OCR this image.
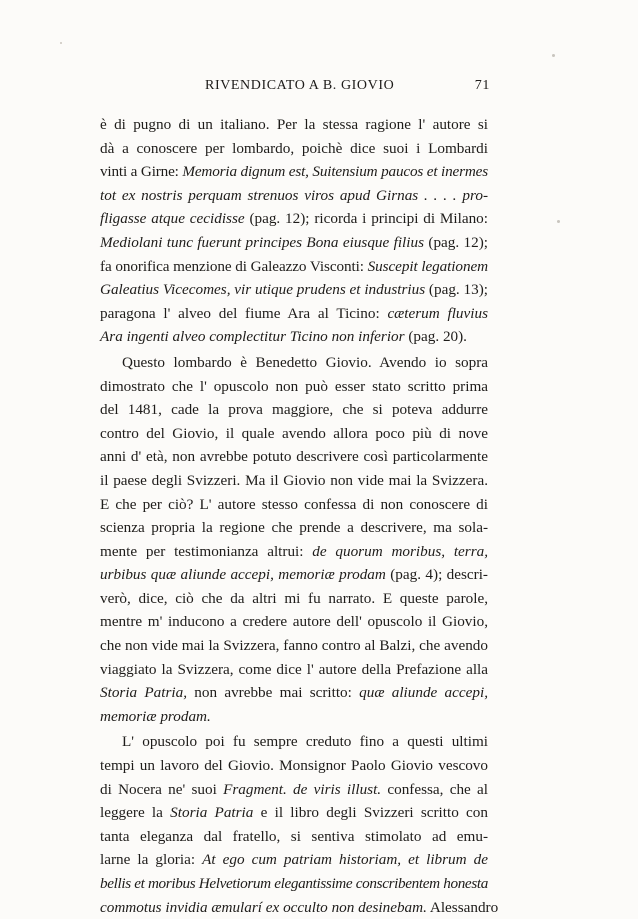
RIVENDICATO A B. GIOVIO	71
è di pugno di un italiano. Per la stessa ragione l' autore si
dà a conoscere per lombardo, poichè dice suoi i Lombardi
vinti a Girne: Memoria dignum est, Suitensium paucos et inermes
tot ex nostris perquam strenuos viros apud Girnas . . . . pro-
fligasse atque cecidisse (pag. 12); ricorda i principi di Milano:
Mediolani tunc fuerunt principes Bona eiusque filius (pag. 12);
fa onorifica menzione di Galeazzo Visconti: Suscepit legationem
Galeatius Vicecomes, vir utique prudens et industrius (pag. 13);
paragona l' alveo del fiume Ara al Ticino: cæterum fluvius
Ara ingenti alveo complectitur Ticino non inferior (pag. 20).
Questo lombardo è Benedetto Giovio. Avendo io sopra
dimostrato che l' opuscolo non può esser stato scritto prima
del 1481, cade la prova maggiore, che si poteva addurre
contro del Giovio, il quale avendo allora poco più di nove
anni d' età, non avrebbe potuto descrivere così particolarmente
il paese degli Svizzeri. Ma il Giovio non vide mai la Svizzera.
E che per ciò? L' autore stesso confessa di non conoscere di
scienza propria la regione che prende a descrivere, ma sola-
mente per testimonianza altrui: de quorum moribus, terra,
urbibus quæ aliunde accepi, memoriæ prodam (pag. 4); descri-
verò, dice, ciò che da altri mi fu narrato. E queste parole,
mentre m' inducono a credere autore dell' opuscolo il Giovio,
che non vide mai la Svizzera, fanno contro al Balzi, che avendo
viaggiato la Svizzera, come dice l' autore della Prefazione alla
Storia Patria, non avrebbe mai scritto: quæ aliunde accepi,
memoriæ prodam.
L' opuscolo poi fu sempre creduto fino a questi ultimi
tempi un lavoro del Giovio. Monsignor Paolo Giovio vescovo
di Nocera ne' suoi Fragment. de viris illust. confessa, che al
leggere la Storia Patria e il libro degli Svizzeri scritto con
tanta eleganza dal fratello, si sentiva stimolato ad emu-
larne la gloria: At ego cum patriam historiam, et librum de
bellis et moribus Helvetiorum elegantissime conscribentem honesta
commotus invidia æmularí ex occulto non desinebam. Alessandro
